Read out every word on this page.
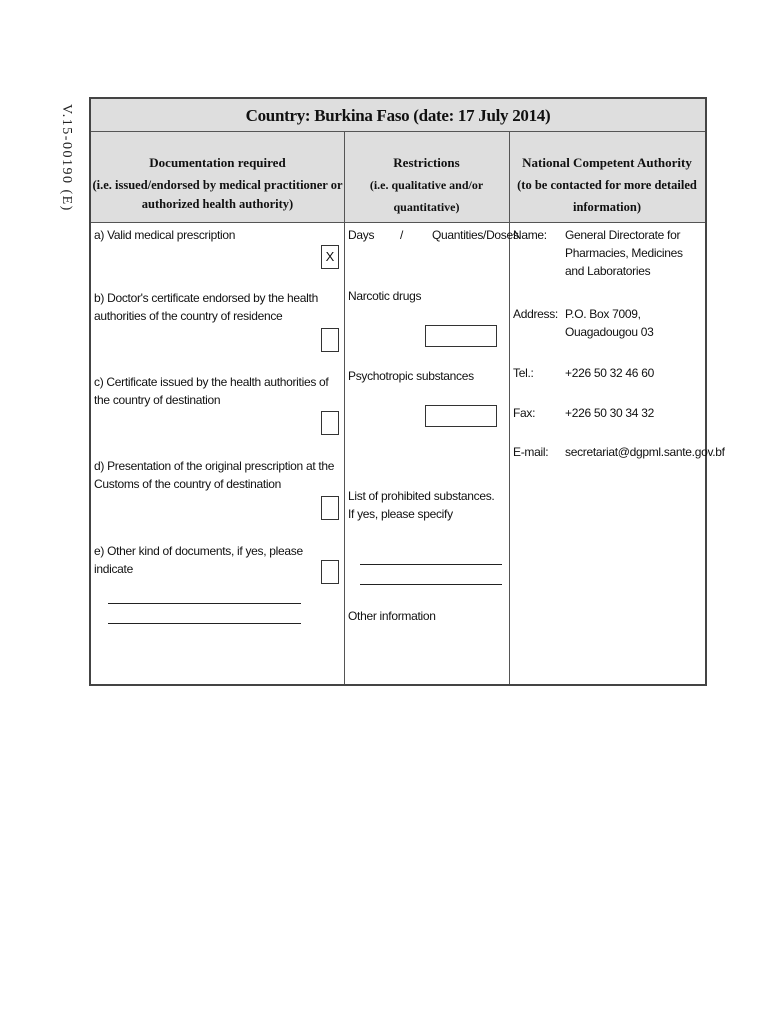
V.15-00190 (E)	Country: Burkina Faso (date: 17 July 2014)
Documentation required
(i.e. issued/endorsed by medical practitioner or
authorized health authority)
Restrictions
(i.e. qualitative and/or quantitative)
National Competent Authority
(to be contacted for more detailed
information)
a) Valid medical prescription
X
b) Doctor's certificate endorsed by the health authorities of the country of residence
c) Certificate issued by the health authorities of the country of destination
d) Presentation of the original prescription at the Customs of the country of destination
e) Other kind of documents, if yes, please indicate
Days / Quantities/Doses
Narcotic drugs
Psychotropic substances
List of prohibited substances. If yes, please specify
Other information
Name: General Directorate for Pharmacies, Medicines and Laboratories
Address: P.O. Box 7009, Ouagadougou 03
Tel.:	+226 50 32 46 60
Fax: +226 50 30 34 32
E-mail: secretariat@dgpml.sante.gov.bf
